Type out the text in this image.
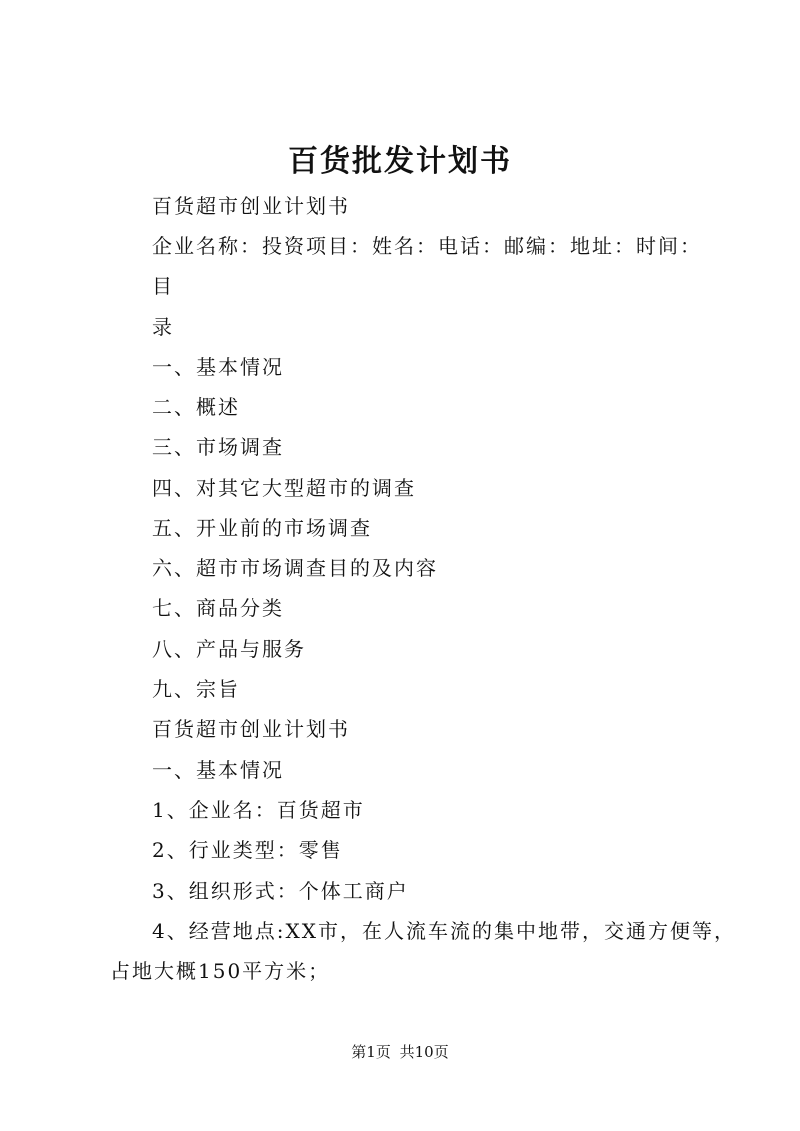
百货批发计划书
百货超市创业计划书
企业名称：投资项目：姓名：电话：邮编：地址：时间：
目
录
一、基本情况
二、概述
三、市场调查
四、对其它大型超市的调查
五、开业前的市场调查
六、超市市场调查目的及内容
七、商品分类
八、产品与服务
九、宗旨
百货超市创业计划书
一、基本情况
1、企业名：百货超市
2、行业类型：零售
3、组织形式：个体工商户
4、经营地点:XX市，在人流车流的集中地带，交通方便等，
占地大概150平方米；
第1页 共10页
